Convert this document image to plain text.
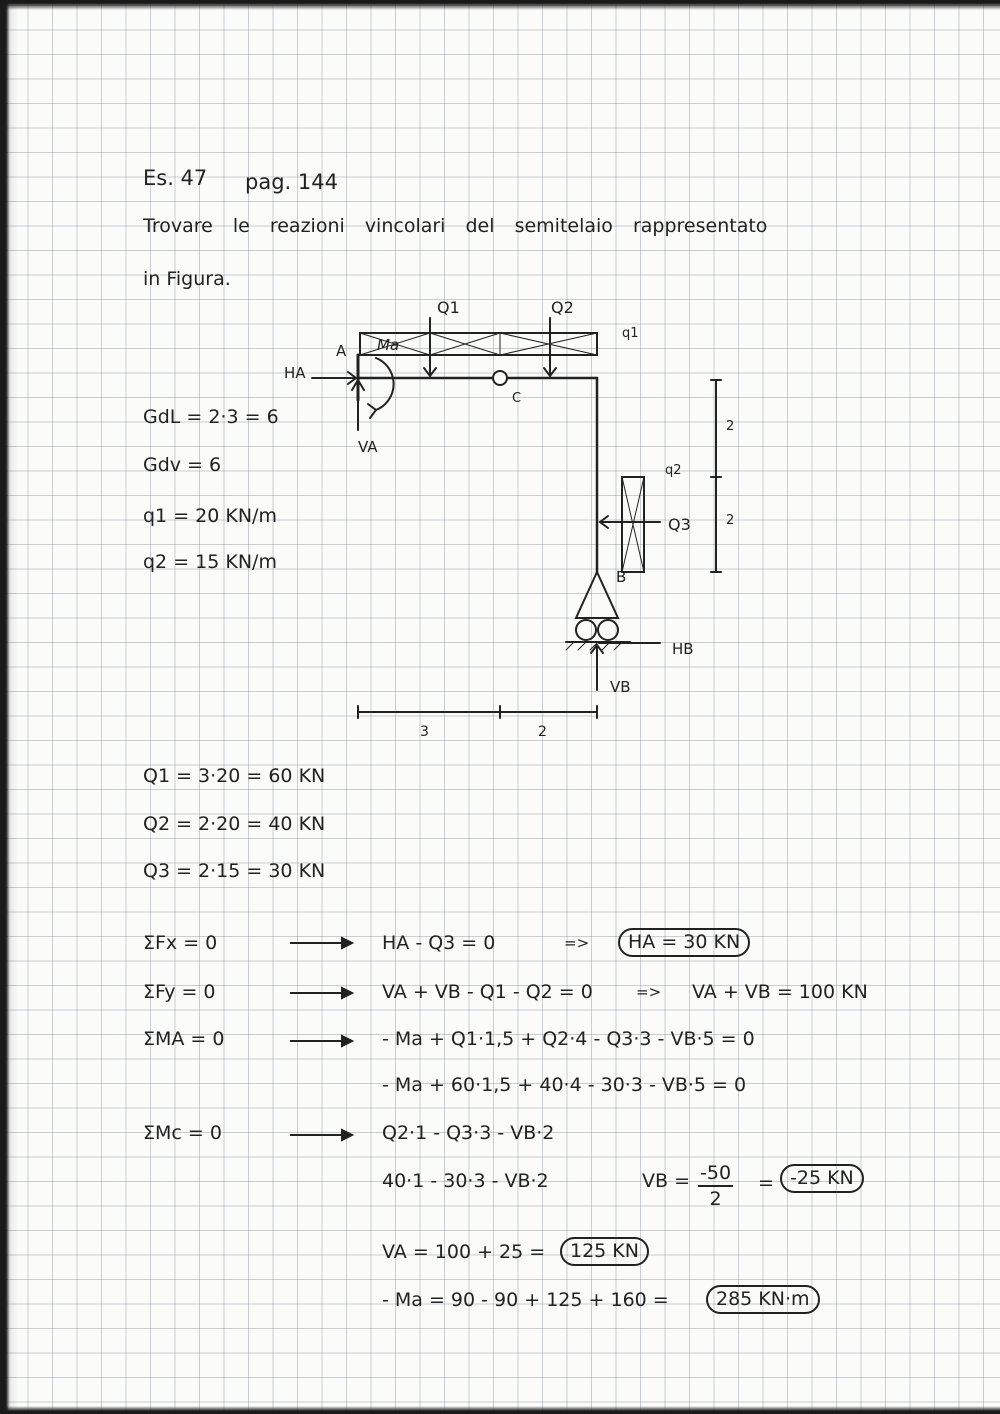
Es. 47 pag. 144
Trovare le reazioni vincolari del semitelaio rappresentato
in Figura.
GdL = 2·3 = 6
Gdv = 6
q1 = 20 KN/m
q2 = 15 KN/m
Q1	Q2
q1
A Ma
HA
VA
C
q2
Q3
B
HB
VB
2
2
3	2
Q1 = 3·20 = 60 KN
Q2 = 2·20 = 40 KN
Q3 = 2·15 = 30 KN
ΣFx = 0	HA - Q3 = 0	=>	HA = 30 KN
ΣFy = 0	VA + VB - Q1 - Q2 = 0	=> VA + VB = 100 KN
ΣMA = 0	- Ma + Q1·1,5 + Q2·4 - Q3·3 - VB·5 = 0
- Ma + 60·1,5 + 40·4 - 30·3 - VB·5 = 0
ΣMc = 0	Q2·1 - Q3·3 - VB·2
40·1 - 30·3 - VB·2	VB = $\frac{-50}{2} = -25$ KN
VA = 100 + 25 =	125 KN
- Ma = 90 - 90 + 125 + 160 =	285 KN·m
